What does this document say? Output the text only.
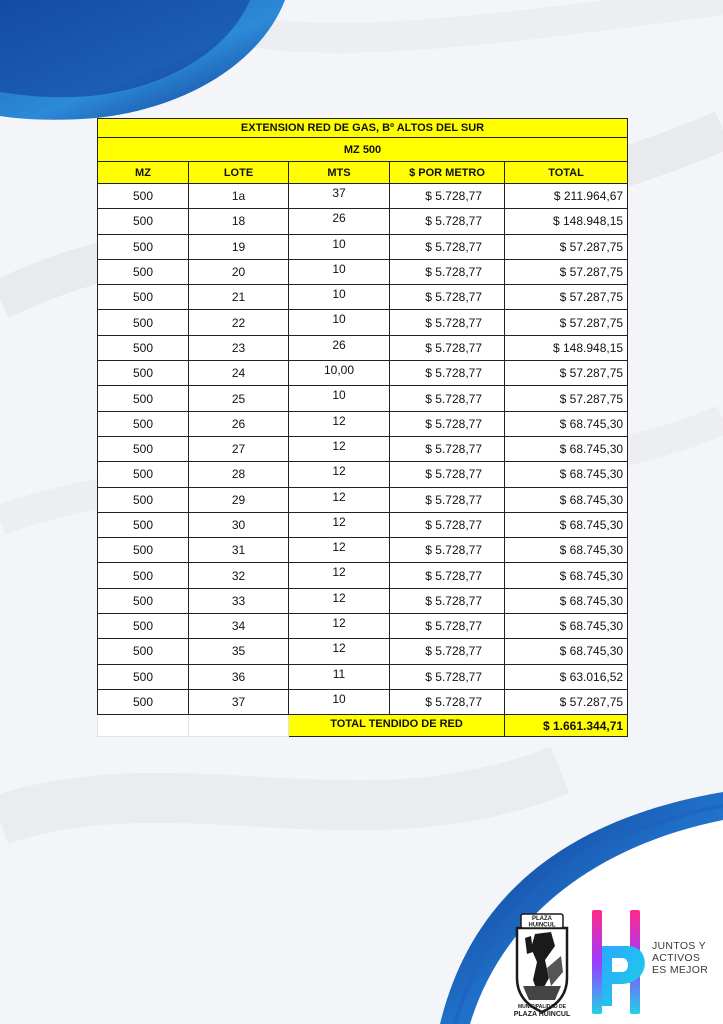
EXTENSION RED DE GAS, Bº ALTOS DEL SUR				
MZ 500				
MZ	LOTE	MTS	$ POR METRO	TOTAL
500	1a	37	$ 5.728,77	$ 211.964,67
500	18	26	$ 5.728,77	$ 148.948,15
500	19	10	$ 5.728,77	$ 57.287,75
500	20	10	$ 5.728,77	$ 57.287,75
500	21	10	$ 5.728,77	$ 57.287,75
500	22	10	$ 5.728,77	$ 57.287,75
500	23	26	$ 5.728,77	$ 148.948,15
500	24	10,00	$ 5.728,77	$ 57.287,75
500	25	10	$ 5.728,77	$ 57.287,75
500	26	12	$ 5.728,77	$ 68.745,30
500	27	12	$ 5.728,77	$ 68.745,30
500	28	12	$ 5.728,77	$ 68.745,30
500	29	12	$ 5.728,77	$ 68.745,30
500	30	12	$ 5.728,77	$ 68.745,30
500	31	12	$ 5.728,77	$ 68.745,30
500	32	12	$ 5.728,77	$ 68.745,30
500	33	12	$ 5.728,77	$ 68.745,30
500	34	12	$ 5.728,77	$ 68.745,30
500	35	12	$ 5.728,77	$ 68.745,30
500	36	11	$ 5.728,77	$ 63.016,52
500	37	10	$ 5.728,77	$ 57.287,75
		TOTAL TENDIDO DE RED		$ 1.661.344,71
PLAZA
HUINCUL
MUNICIPALIDAD DE
PLAZA HUINCUL
JUNTOS Y
ACTIVOS
ES MEJOR
